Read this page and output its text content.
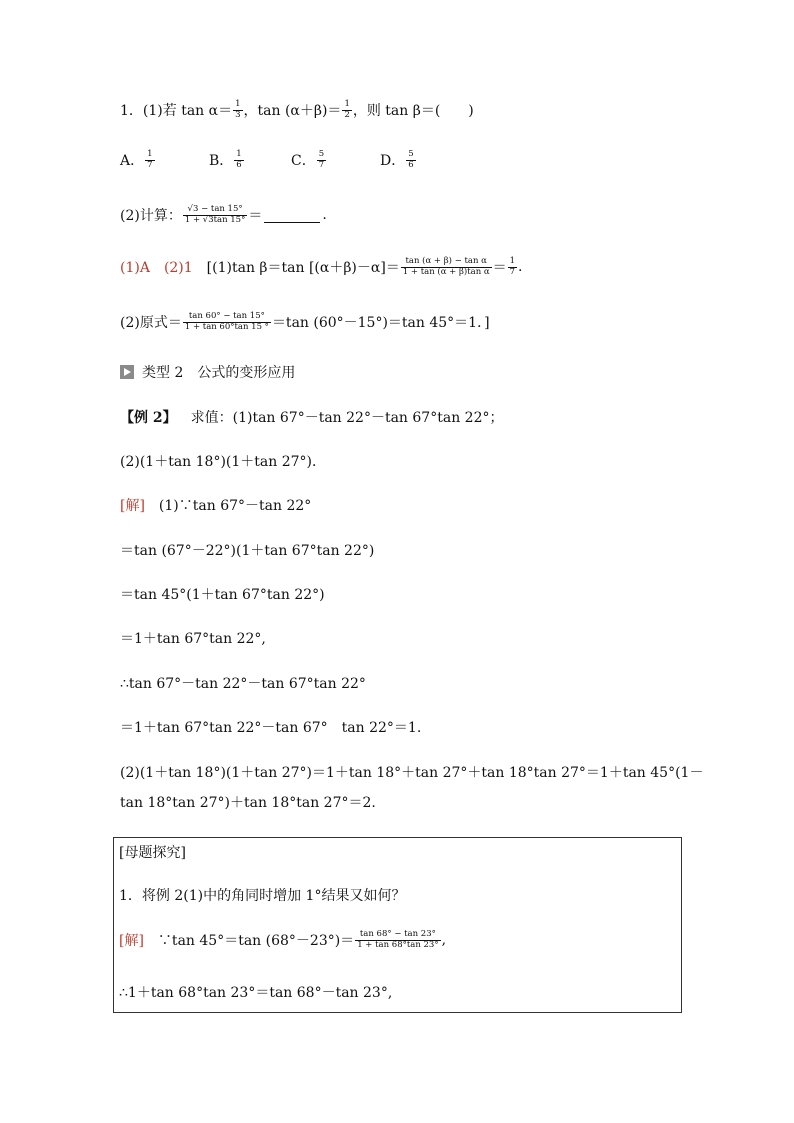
1．(1)若 $\tan \alpha= \frac{1}{3}$ ，$\tan (\alpha+\beta)= \frac{1}{2}$ ，则 tan β＝(　　)
A． $\frac{1}{7}$	B． $\frac{1}{6}$	C． $\frac{5}{7}$	D． $\frac{5}{6}$
(2)计算： $\frac{√3 - \tan 15^\circ}{1 + √3\tan 15^\circ}$ ＝	.
(1)A　(2)1 　[(1)tan β＝tan $[(\alpha+\beta)-\alpha]= \frac{\text{tan (α + β) − tan α}}{\text{1 + tan (α + β)tan α}} = \frac{1}{7}$ .
(2)原式＝ $\frac{\tan 60^\circ - \tan 15^\circ}{1 + \tan 60^\circ\tan 15 ^\circ} =\tan$ (60°－15°)＝tan 45°＝1．]
类型 2　公式的变形应用
【例 2】 　求值：(1)tan 67°－tan 22°－tan 67°tan 22°；
(2)(1＋tan 18°)(1＋tan 27°)．
[解] 　(1)∵tan 67°－tan 22°
＝tan (67°－22°)(1＋tan 67°tan 22°)
＝tan 45°(1＋tan 67°tan 22°)
＝1＋tan 67°tan 22°,
∴tan 67°－tan 22°－tan 67°tan 22°
＝1＋tan 67°tan 22°－tan 67°　tan 22°＝1.
(2)(1＋tan 18°)(1＋tan 27°)＝1＋tan 18°＋tan 27°＋tan 18°tan 27°＝1＋tan 45°(1－
tan 18°tan 27°)＋tan 18°tan 27°＝2.
[母题探究]
1．将例 2(1)中的角同时增加 1°结果又如何？
[解] 　∵tan 45°＝tan $(68^\circ-23^\circ)= \frac{\tan 68^\circ - \tan 23^\circ}{1 + \tan 68^\circ\tan 23^\circ}$ ,
∴1＋tan 68°tan 23°＝tan 68°－tan 23°,
